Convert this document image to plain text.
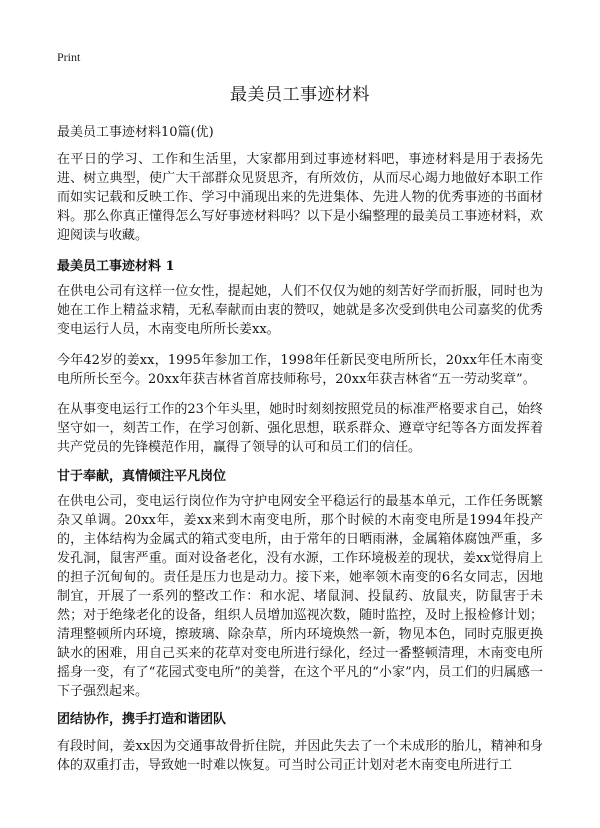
Print
最美员工事迹材料

最美员工事迹材料10篇(优)

在平日的学习、工作和生活里，大家都用到过事迹材料吧，事迹材料是用于表扬先进、树立典型，使广大干部群众见贤思齐，有所效仿，从而尽心竭力地做好本职工作而如实记载和反映工作、学习中涌现出来的先进集体、先进人物的优秀事迹的书面材料。那么你真正懂得怎么写好事迹材料吗？以下是小编整理的最美员工事迹材料，欢迎阅读与收藏。

最美员工事迹材料 1

在供电公司有这样一位女性，提起她，人们不仅仅为她的刻苦好学而折服，同时也为她在工作上精益求精，无私奉献而由衷的赞叹，她就是多次受到供电公司嘉奖的优秀变电运行人员，木南变电所所长姜xx。

今年42岁的姜xx，1995年参加工作，1998年任新民变电所所长，20xx年任木南变电所所长至今。20xx年获吉林省首席技师称号，20xx年获吉林省“五一劳动奖章”。

在从事变电运行工作的23个年头里，她时时刻刻按照党员的标准严格要求自己，始终坚守如一，刻苦工作，在学习创新、强化思想，联系群众、遵章守纪等各方面发挥着共产党员的先锋模范作用，赢得了领导的认可和员工们的信任。

甘于奉献，真情倾注平凡岗位

在供电公司，变电运行岗位作为守护电网安全平稳运行的最基本单元，工作任务既繁杂又单调。20xx年，姜xx来到木南变电所，那个时候的木南变电所是1994年投产的，主体结构为金属式的箱式变电所，由于常年的日晒雨淋，金属箱体腐蚀严重，多发孔洞，鼠害严重。面对设备老化，没有水源，工作环境极差的现状，姜xx觉得肩上的担子沉甸甸的。责任是压力也是动力。接下来，她率领木南变的6名女同志，因地制宜，开展了一系列的整改工作：和水泥、堵鼠洞、投鼠药、放鼠夹，防鼠害于未然；对于绝缘老化的设备，组织人员增加巡视次数，随时监控，及时上报检修计划；清理整顿所内环境，擦玻璃、除杂草，所内环境焕然一新，物见本色，同时克服更换缺水的困难，用自己买来的花草对变电所进行绿化，经过一番整顿清理，木南变电所摇身一变，有了“花园式变电所”的美誉，在这个平凡的“小家”内，员工们的归属感一下子强烈起来。

团结协作，携手打造和谐团队

有段时间，姜xx因为交通事故骨折住院，并因此失去了一个未成形的胎儿，精神和身体的双重打击，导致她一时难以恢复。可当时公司正计划对老木南变电所进行工
